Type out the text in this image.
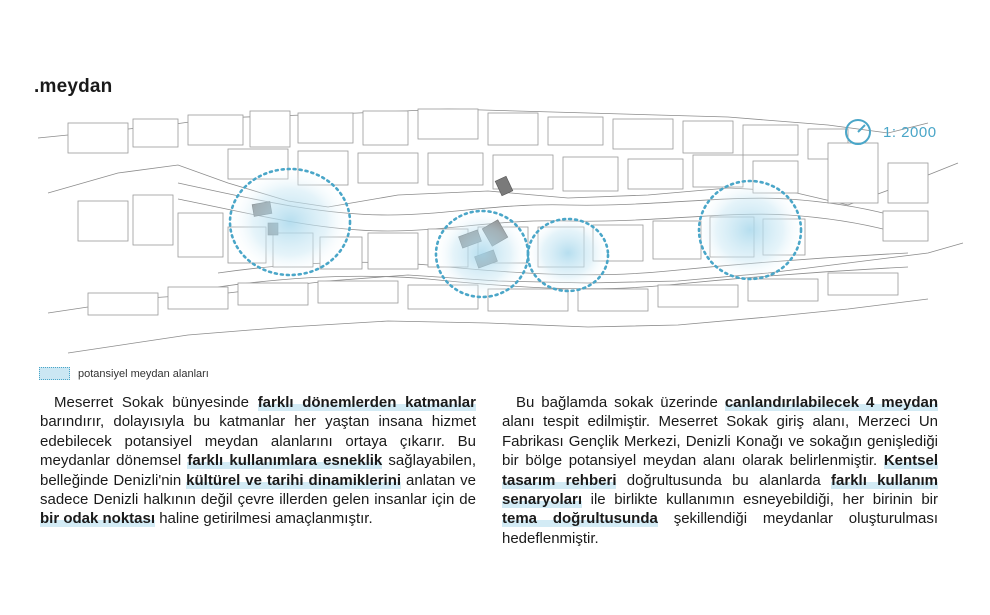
.meydan
1: 2000
potansiyel meydan alanları

Meserret Sokak bünyesinde farklı dönemlerden katmanlar barındırır, dolayısıyla bu katmanlar her yaştan insana hizmet edebilecek potansiyel meydan alanlarını ortaya çıkarır. Bu meydanlar dönemsel farklı kullanımlara esneklik sağlayabilen, belleğinde Denizli'nin kültürel ve tarihi dinamiklerini anlatan ve sadece Denizli halkının değil çevre illerden gelen insanlar için de bir odak noktası haline getirilmesi amaçlanmıştır.

Bu bağlamda sokak üzerinde canlandırılabilecek 4 meydan alanı tespit edilmiştir. Meserret Sokak giriş alanı, Merzeci Un Fabrikası Gençlik Merkezi, Denizli Konağı ve sokağın genişlediği bir bölge potansiyel meydan alanı olarak belirlenmiştir. Kentsel tasarım rehberi doğrultusunda bu alanlarda farklı kullanım senaryoları ile birlikte kullanımın esneyebildiği, her birinin bir tema doğrultusunda şekillendiği meydanlar oluşturulması hedeflenmiştir.
